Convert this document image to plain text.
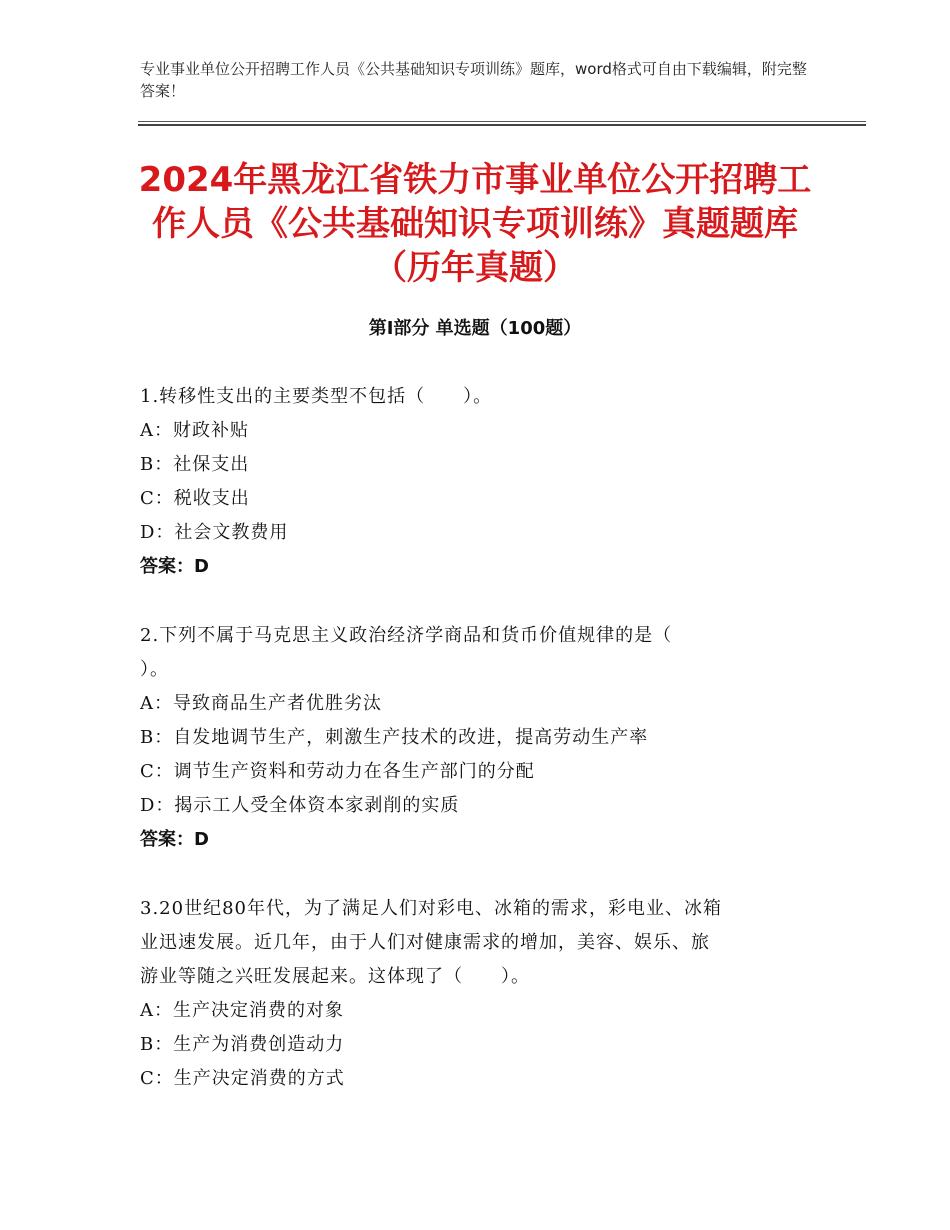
专业事业单位公开招聘工作人员《公共基础知识专项训练》题库，word格式可自由下载编辑，附完整答案！
2024年黑龙江省铁力市事业单位公开招聘工
作人员《公共基础知识专项训练》真题题库
（历年真题）
第Ⅰ部分 单选题（100题）
1.转移性支出的主要类型不包括（　　）。
A：财政补贴
B：社保支出
C：税收支出
D：社会文教费用
答案：D
2.下列不属于马克思主义政治经济学商品和货币价值规律的是（
）。
A：导致商品生产者优胜劣汰
B：自发地调节生产，刺激生产技术的改进，提高劳动生产率
C：调节生产资料和劳动力在各生产部门的分配
D：揭示工人受全体资本家剥削的实质
答案：D
3.20世纪80年代，为了满足人们对彩电、冰箱的需求，彩电业、冰箱
业迅速发展。近几年，由于人们对健康需求的增加，美容、娱乐、旅
游业等随之兴旺发展起来。这体现了（　　）。
A：生产决定消费的对象
B：生产为消费创造动力
C：生产决定消费的方式
